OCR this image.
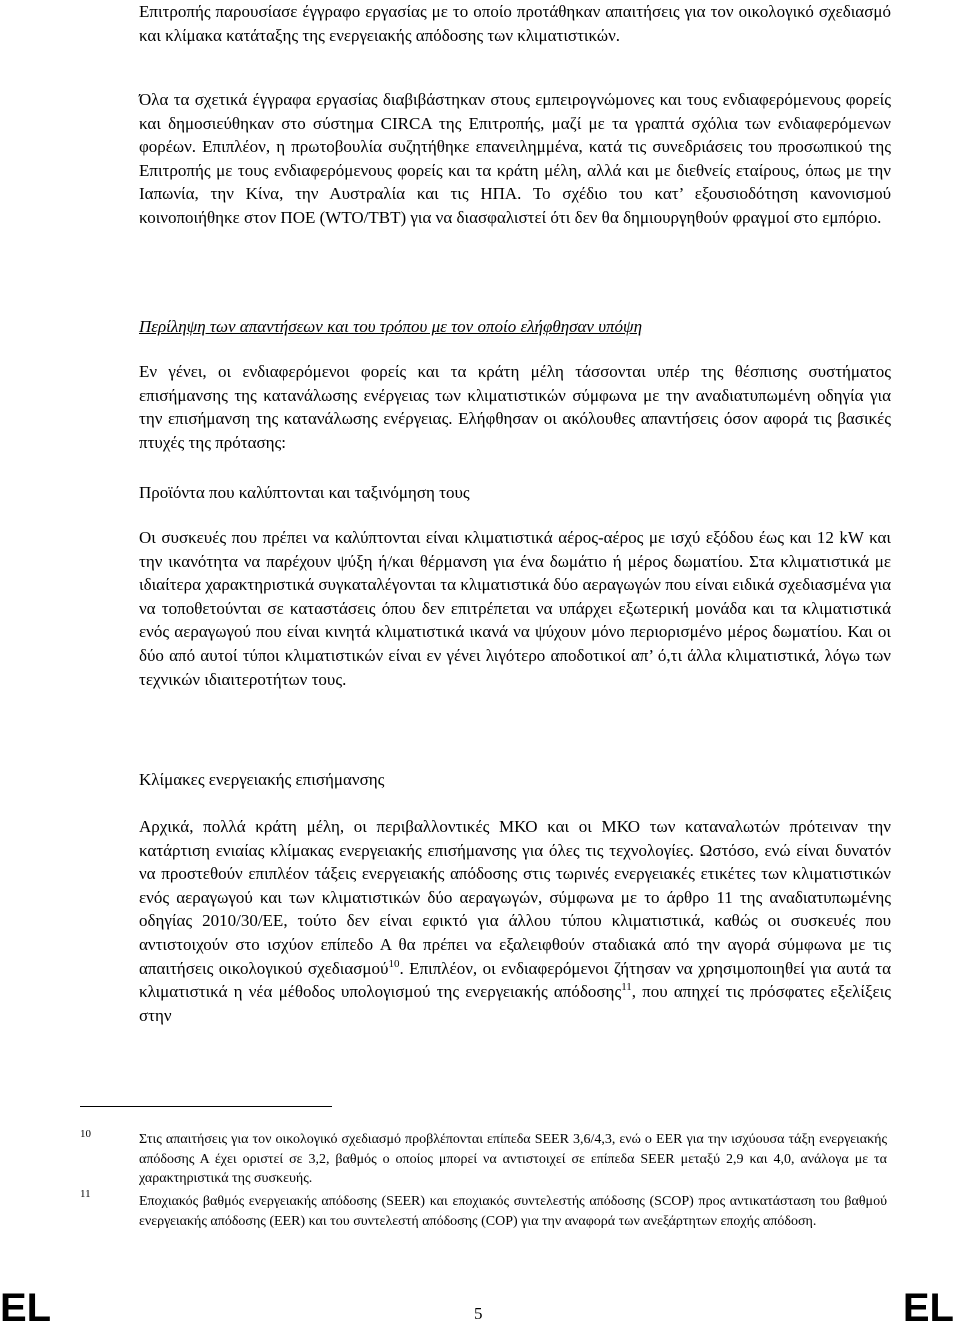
Επιτροπής παρουσίασε έγγραφο εργασίας με το οποίο προτάθηκαν απαιτήσεις για τον οικολογικό σχεδιασμό και κλίμακα κατάταξης της ενεργειακής απόδοσης των κλιματιστικών.

Όλα τα σχετικά έγγραφα εργασίας διαβιβάστηκαν στους εμπειρογνώμονες και τους ενδιαφερόμενους φορείς και δημοσιεύθηκαν στο σύστημα CIRCA της Επιτροπής, μαζί με τα γραπτά σχόλια των ενδιαφερόμενων φορέων. Επιπλέον, η πρωτοβουλία συζητήθηκε επανειλημμένα, κατά τις συνεδριάσεις του προσωπικού της Επιτροπής με τους ενδιαφερόμενους φορείς και τα κράτη μέλη, αλλά και με διεθνείς εταίρους, όπως με την Ιαπωνία, την Κίνα, την Αυστραλία και τις ΗΠΑ. Το σχέδιο του κατ’ εξουσιοδότηση κανονισμού κοινοποιήθηκε στον ΠΟΕ (WTO/TBT) για να διασφαλιστεί ότι δεν θα δημιουργηθούν φραγμοί στο εμπόριο.

Περίληψη των απαντήσεων και του τρόπου με τον οποίο ελήφθησαν υπόψη

Εν γένει, οι ενδιαφερόμενοι φορείς και τα κράτη μέλη τάσσονται υπέρ της θέσπισης συστήματος επισήμανσης της κατανάλωσης ενέργειας των κλιματιστικών σύμφωνα με την αναδιατυπωμένη οδηγία για την επισήμανση της κατανάλωσης ενέργειας. Ελήφθησαν οι ακόλουθες απαντήσεις όσον αφορά τις βασικές πτυχές της πρότασης:

Προϊόντα που καλύπτονται και ταξινόμηση τους

Οι συσκευές που πρέπει να καλύπτονται είναι κλιματιστικά αέρος-αέρος με ισχύ εξόδου έως και 12 kW και την ικανότητα να παρέχουν ψύξη ή/και θέρμανση για ένα δωμάτιο ή μέρος δωματίου. Στα κλιματιστικά με ιδιαίτερα χαρακτηριστικά συγκαταλέγονται τα κλιματιστικά δύο αεραγωγών που είναι ειδικά σχεδιασμένα για να τοποθετούνται σε καταστάσεις όπου δεν επιτρέπεται να υπάρχει εξωτερική μονάδα και τα κλιματιστικά ενός αεραγωγού που είναι κινητά κλιματιστικά ικανά να ψύχουν μόνο περιορισμένο μέρος δωματίου. Και οι δύο από αυτοί τύποι κλιματιστικών είναι εν γένει λιγότερο αποδοτικοί απ’ ό,τι άλλα κλιματιστικά, λόγω των τεχνικών ιδιαιτεροτήτων τους.

Κλίμακες ενεργειακής επισήμανσης

Αρχικά, πολλά κράτη μέλη, οι περιβαλλοντικές ΜΚΟ και οι ΜΚΟ των καταναλωτών πρότειναν την κατάρτιση ενιαίας κλίμακας ενεργειακής επισήμανσης για όλες τις τεχνολογίες. Ωστόσο, ενώ είναι δυνατόν να προστεθούν επιπλέον τάξεις ενεργειακής απόδοσης στις τωρινές ενεργειακές ετικέτες των κλιματιστικών ενός αεραγωγού και των κλιματιστικών δύο αεραγωγών, σύμφωνα με το άρθρο 11 της αναδιατυπωμένης οδηγίας 2010/30/ΕΕ, τούτο δεν είναι εφικτό για άλλου τύπου κλιματιστικά, καθώς οι συσκευές που αντιστοιχούν στο ισχύον επίπεδο Α θα πρέπει να εξαλειφθούν σταδιακά από την αγορά σύμφωνα με τις απαιτήσεις οικολογικού σχεδιασμού$^{10}$. Επιπλέον, οι ενδιαφερόμενοι ζήτησαν να χρησιμοποιηθεί για αυτά τα κλιματιστικά η νέα μέθοδος υπολογισμού της ενεργειακής απόδοσης$^{11}$, που απηχεί τις πρόσφατες εξελίξεις στην

10	Στις απαιτήσεις για τον οικολογικό σχεδιασμό προβλέπονται επίπεδα SEER 3,6/4,3, ενώ ο EER για την ισχύουσα τάξη ενεργειακής απόδοσης Α έχει οριστεί σε 3,2, βαθμός ο οποίος μπορεί να αντιστοιχεί σε επίπεδα SEER μεταξύ 2,9 και 4,0, ανάλογα με τα χαρακτηριστικά της συσκευής.

11	Εποχιακός βαθμός ενεργειακής απόδοσης (SEER) και εποχιακός συντελεστής απόδοσης (SCOP) προς αντικατάσταση του βαθμού ενεργειακής απόδοσης (EER) και του συντελεστή απόδοσης (COP) για την αναφορά των ανεξάρτητων εποχής απόδοση.

EL	5	EL
